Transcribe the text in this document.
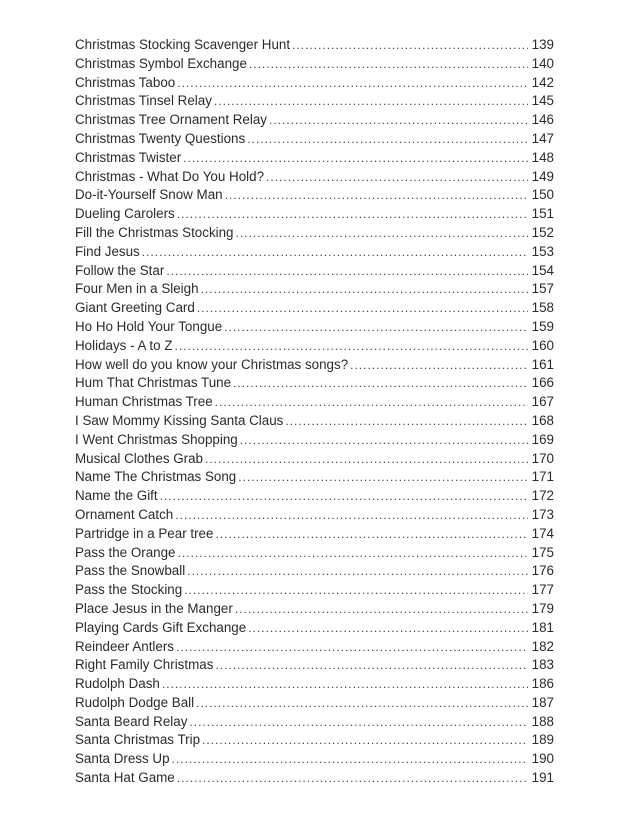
Christmas Stocking Scavenger Hunt .....	139
Christmas Symbol Exchange .....	140
Christmas Taboo .....	142
Christmas Tinsel Relay .....	145
Christmas Tree Ornament Relay .....	146
Christmas Twenty Questions .....	147
Christmas Twister .....	148
Christmas - What Do You Hold? .....	149
Do-it-Yourself Snow Man .....	150
Dueling Carolers .....	151
Fill the Christmas Stocking .....	152
Find Jesus .....	153
Follow the Star .....	154
Four Men in a Sleigh .....	157
Giant Greeting Card .....	158
Ho Ho Hold Your Tongue .....	159
Holidays - A to Z .....	160
How well do you know your Christmas songs? .....	161
Hum That Christmas Tune .....	166
Human Christmas Tree .....	167
I Saw Mommy Kissing Santa Claus .....	168
I Went Christmas Shopping .....	169
Musical Clothes Grab .....	170
Name The Christmas Song .....	171
Name the Gift .....	172
Ornament Catch .....	173
Partridge in a Pear tree .....	174
Pass the Orange .....	175
Pass the Snowball .....	176
Pass the Stocking .....	177
Place Jesus in the Manger .....	179
Playing Cards Gift Exchange .....	181
Reindeer Antlers .....	182
Right Family Christmas .....	183
Rudolph Dash .....	186
Rudolph Dodge Ball .....	187
Santa Beard Relay .....	188
Santa Christmas Trip .....	189
Santa Dress Up .....	190
Santa Hat Game .....	191
